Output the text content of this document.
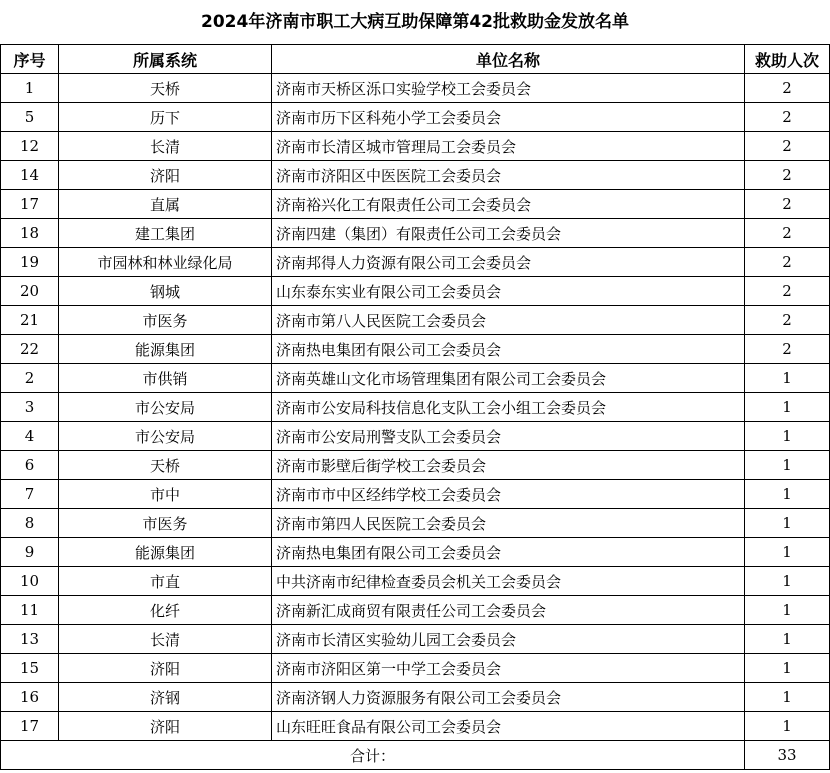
2024年济南市职工大病互助保障第42批救助金发放名单
序号	所属系统	单位名称	救助人次
1	天桥	济南市天桥区泺口实验学校工会委员会	2
5	历下	济南市历下区科苑小学工会委员会	2
12	长清	济南市长清区城市管理局工会委员会	2
14	济阳	济南市济阳区中医医院工会委员会	2
17	直属	济南裕兴化工有限责任公司工会委员会	2
18	建工集团	济南四建（集团）有限责任公司工会委员会	2
19	市园林和林业绿化局	济南邦得人力资源有限公司工会委员会	2
20	钢城	山东泰东实业有限公司工会委员会	2
21	市医务	济南市第八人民医院工会委员会	2
22	能源集团	济南热电集团有限公司工会委员会	2
2	市供销	济南英雄山文化市场管理集团有限公司工会委员会	1
3	市公安局	济南市公安局科技信息化支队工会小组工会委员会	1
4	市公安局	济南市公安局刑警支队工会委员会	1
6	天桥	济南市影壁后街学校工会委员会	1
7	市中	济南市市中区经纬学校工会委员会	1
8	市医务	济南市第四人民医院工会委员会	1
9	能源集团	济南热电集团有限公司工会委员会	1
10	市直	中共济南市纪律检查委员会机关工会委员会	1
11	化纤	济南新汇成商贸有限责任公司工会委员会	1
13	长清	济南市长清区实验幼儿园工会委员会	1
15	济阳	济南市济阳区第一中学工会委员会	1
16	济钢	济南济钢人力资源服务有限公司工会委员会	1
17	济阳	山东旺旺食品有限公司工会委员会	1
合计：			33
